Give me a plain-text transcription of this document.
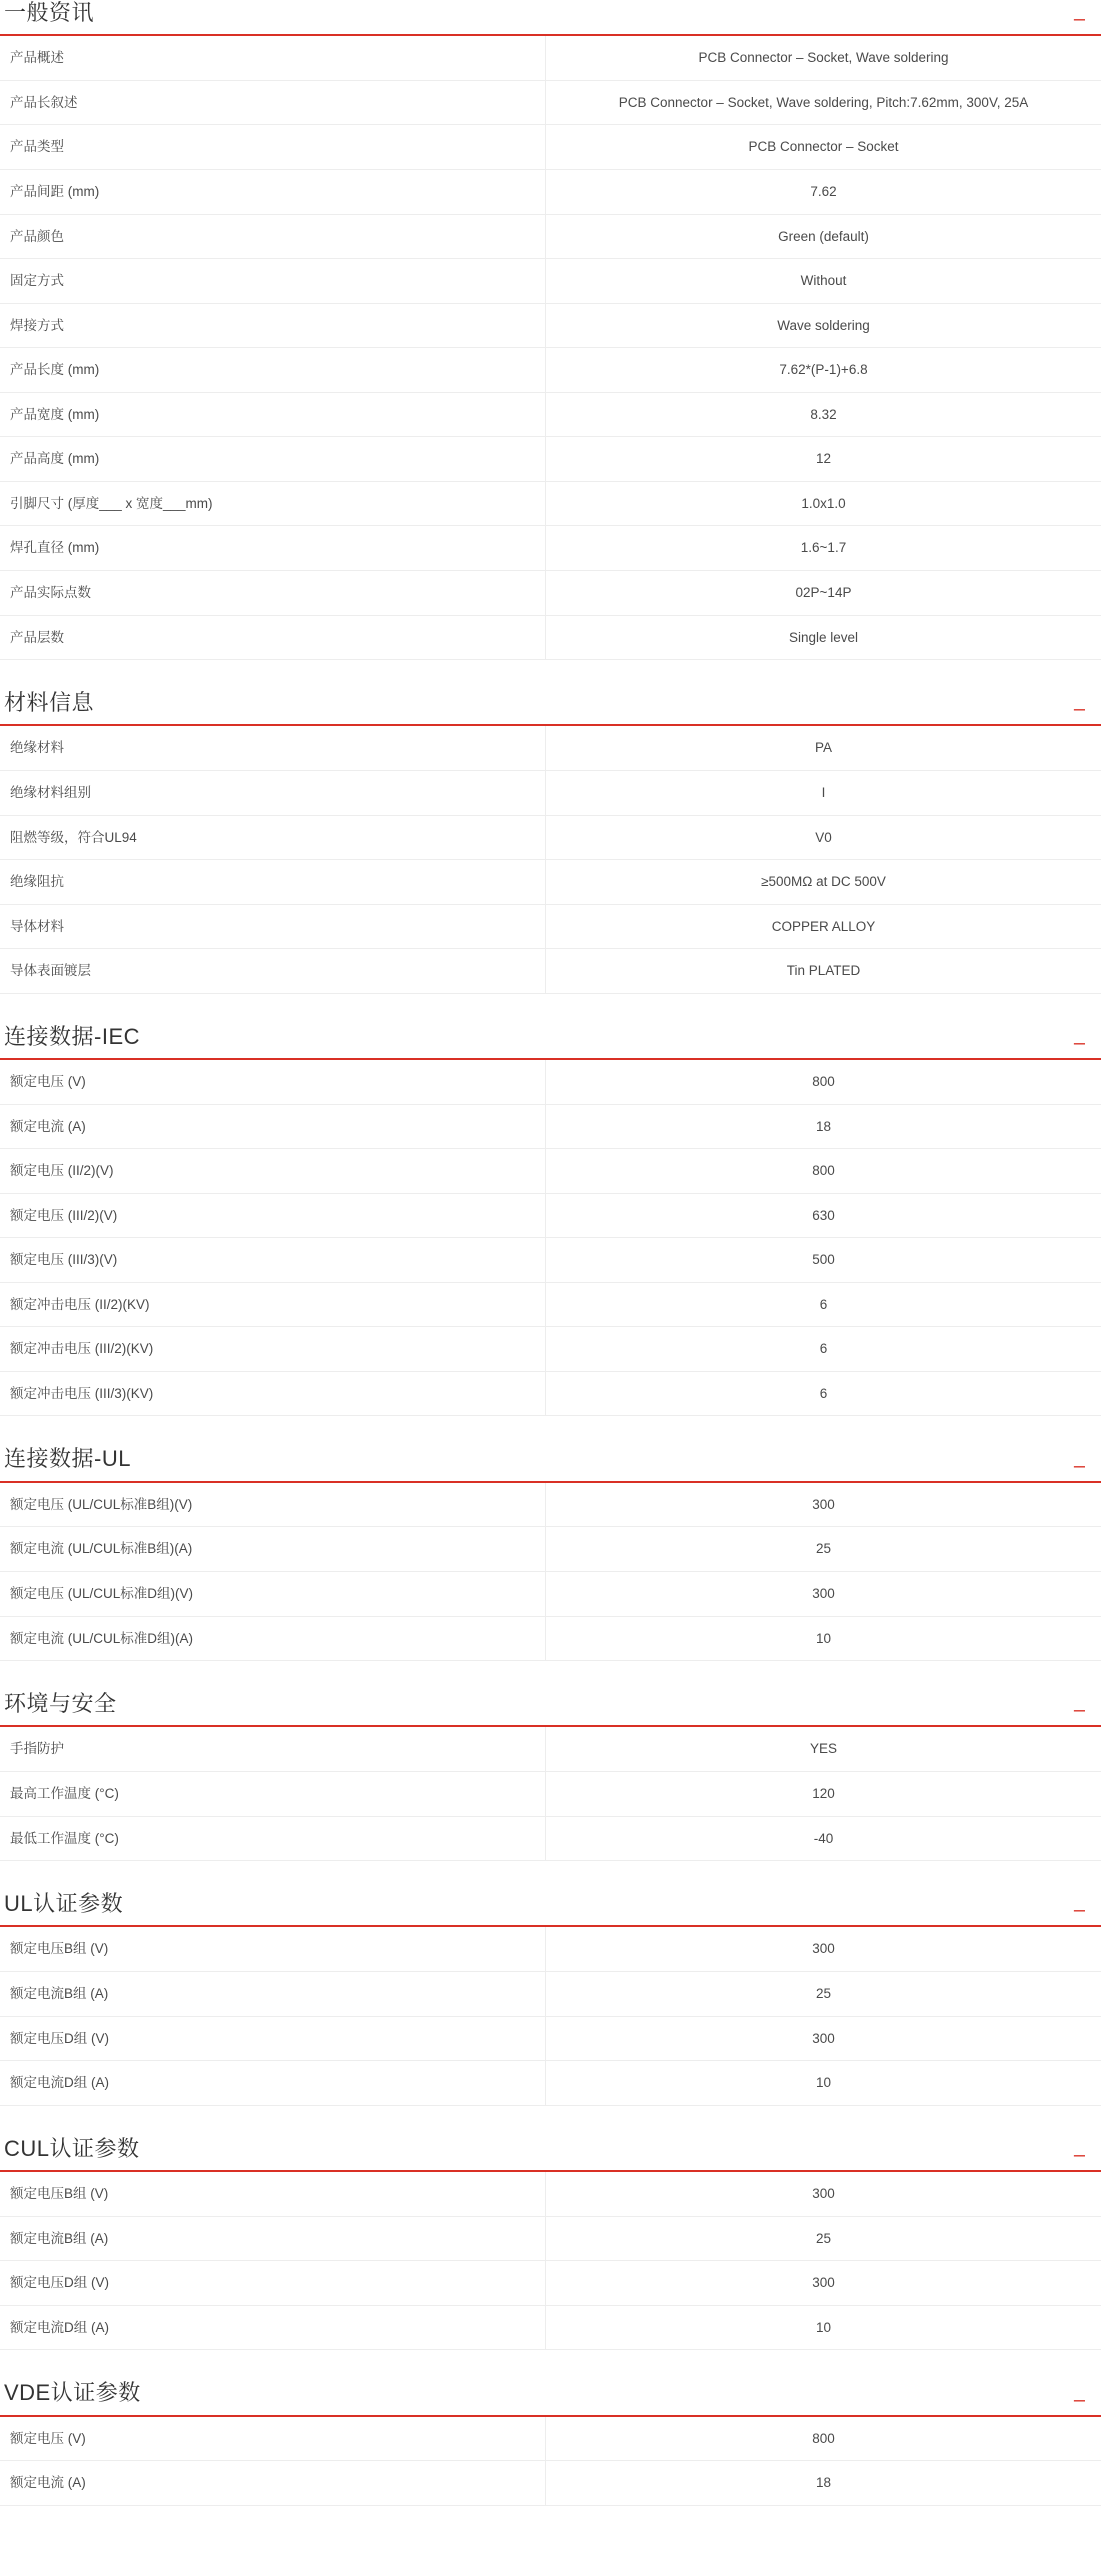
一般资讯	–
产品概述	PCB Connector – Socket, Wave soldering
产品长叙述	PCB Connector – Socket, Wave soldering, Pitch:7.62mm, 300V, 25A
产品类型	PCB Connector – Socket
产品间距 (mm)	7.62
产品颜色	Green (default)
固定方式	Without
焊接方式	Wave soldering
产品长度 (mm)	7.62*(P-1)+6.8
产品宽度 (mm)	8.32
产品高度 (mm)	12
引脚尺寸 (厚度___ x 宽度___mm)	1.0x1.0
焊孔直径 (mm)	1.6~1.7
产品实际点数	02P~14P
产品层数	Single level
材料信息	–
绝缘材料	PA
绝缘材料组别	I
阻燃等级，符合UL94	V0
绝缘阻抗	≥500MΩ at DC 500V
导体材料	COPPER ALLOY
导体表面镀层	Tin PLATED
连接数据-IEC	–
额定电压 (V)	800
额定电流 (A)	18
额定电压 (II/2)(V)	800
额定电压 (III/2)(V)	630
额定电压 (III/3)(V)	500
额定冲击电压 (II/2)(KV)	6
额定冲击电压 (III/2)(KV)	6
额定冲击电压 (III/3)(KV)	6
连接数据-UL	–
额定电压 (UL/CUL标准B组)(V)	300
额定电流 (UL/CUL标准B组)(A)	25
额定电压 (UL/CUL标准D组)(V)	300
额定电流 (UL/CUL标准D组)(A)	10
环境与安全	–
手指防护	YES
最高工作温度 (°C)	120
最低工作温度 (°C)	-40
UL认证参数	–
额定电压B组 (V)	300
额定电流B组 (A)	25
额定电压D组 (V)	300
额定电流D组 (A)	10
CUL认证参数	–
额定电压B组 (V)	300
额定电流B组 (A)	25
额定电压D组 (V)	300
额定电流D组 (A)	10
VDE认证参数	–
额定电压 (V)	800
额定电流 (A)	18
